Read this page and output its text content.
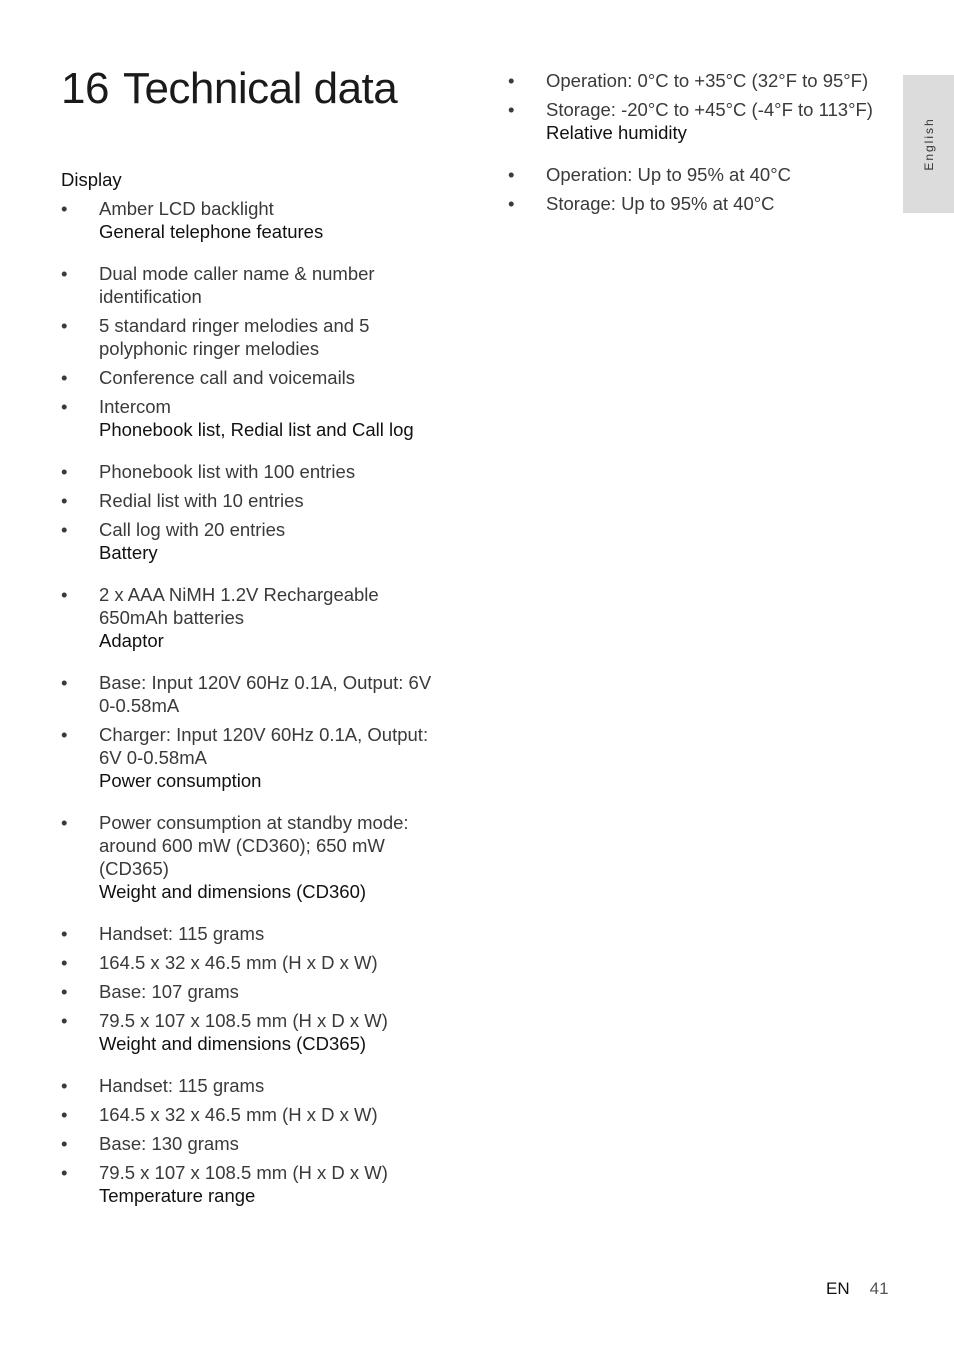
16 Technical data
English
Display
• Amber LCD backlight
General telephone features
• Dual mode caller name & number identification
• 5 standard ringer melodies and 5 polyphonic ringer melodies
• Conference call and voicemails
• Intercom
Phonebook list, Redial list and Call log
• Phonebook list with 100 entries
• Redial list with 10 entries
• Call log with 20 entries
Battery
• 2 x AAA NiMH 1.2V Rechargeable 650mAh batteries
Adaptor
• Base: Input 120V 60Hz 0.1A, Output: 6V 0-0.58mA
• Charger: Input 120V 60Hz 0.1A, Output: 6V 0-0.58mA
Power consumption
• Power consumption at standby mode: around 600 mW (CD360); 650 mW (CD365)
Weight and dimensions (CD360)
• Handset: 115 grams
• 164.5 x 32 x 46.5 mm (H x D x W)
• Base: 107 grams
• 79.5 x 107 x 108.5 mm (H x D x W)
Weight and dimensions (CD365)
• Handset: 115 grams
• 164.5 x 32 x 46.5 mm (H x D x W)
• Base: 130 grams
• 79.5 x 107 x 108.5 mm (H x D x W)
Temperature range
• Operation: 0°C to +35°C (32°F to 95°F)
• Storage: -20°C to +45°C (-4°F to 113°F)
Relative humidity
• Operation: Up to 95% at 40°C
• Storage: Up to 95% at 40°C
EN 41
